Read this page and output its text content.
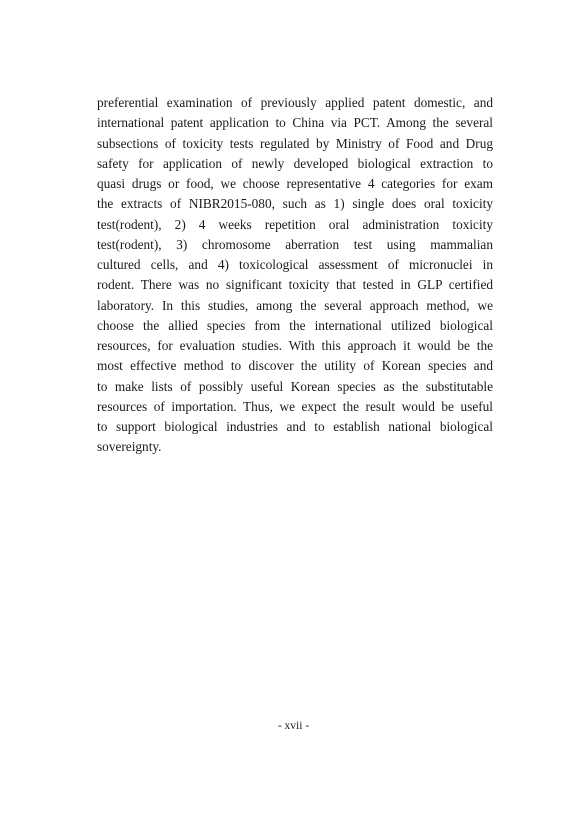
preferential examination of previously applied patent domestic, and
international patent application to China via PCT. Among the several
subsections of toxicity tests regulated by Ministry of Food and Drug
safety for application of newly developed biological extraction to
quasi drugs or food, we choose representative 4 categories for exam
the extracts of NIBR2015-080, such as 1) single does oral toxicity
test(rodent), 2) 4 weeks repetition oral administration toxicity
test(rodent), 3) chromosome aberration test using mammalian
cultured cells, and 4) toxicological assessment of micronuclei in
rodent. There was no significant toxicity that tested in GLP certified
laboratory. In this studies, among the several approach method, we
choose the allied species from the international utilized biological
resources, for evaluation studies. With this approach it would be the
most effective method to discover the utility of Korean species and
to make lists of possibly useful Korean species as the substitutable
resources of importation. Thus, we expect the result would be useful
to support biological industries and to establish national biological
sovereignty.
- xvii -
